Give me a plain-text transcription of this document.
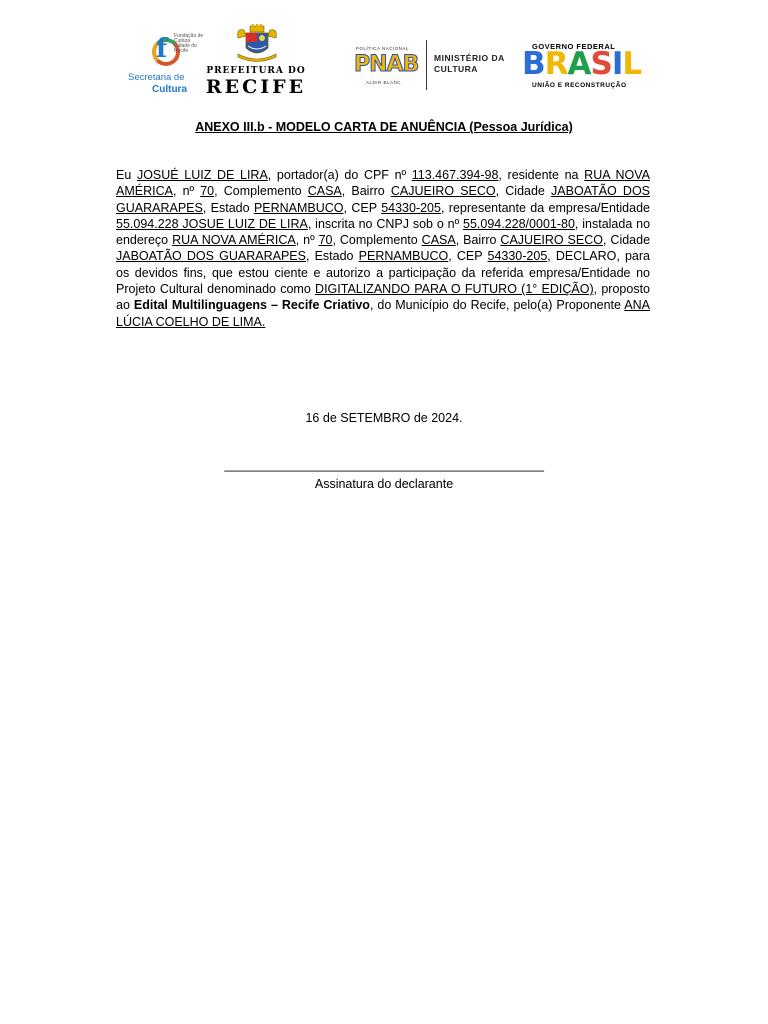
f Fundação de Cultura Cidade do Recife
Secretaria de
Cultura
PREFEITURA DO
RECIFE
POLÍTICA NACIONAL
PNAB
ALDIR BLANC
MINISTÉRIO DA
CULTURA
GOVERNO FEDERAL
BRASIL
UNIÃO E RECONSTRUÇÃO
ANEXO III.b - MODELO CARTA DE ANUÊNCIA (Pessoa Jurídica)
Eu JOSUÉ LUIZ DE LIRA, portador(a) do CPF nº 113.467.394-98, residente na RUA NOVA AMÉRICA, nº 70, Complemento CASA, Bairro CAJUEIRO SECO, Cidade JABOATÃO DOS GUARARAPES, Estado PERNAMBUCO, CEP 54330-205, representante da empresa/Entidade 55.094.228 JOSUE LUIZ DE LIRA, inscrita no CNPJ sob o nº 55.094.228/0001-80, instalada no endereço RUA NOVA AMÉRICA, nº 70, Complemento CASA, Bairro CAJUEIRO SECO, Cidade JABOATÃO DOS GUARARAPES, Estado PERNAMBUCO, CEP 54330-205, DECLARO, para os devidos fins, que estou ciente e autorizo a participação da referida empresa/Entidade no Projeto Cultural denominado como DIGITALIZANDO PARA O FUTURO (1° EDIÇÃO), proposto ao Edital Multilinguagens – Recife Criativo, do Município do Recife, pelo(a) Proponente ANA LÚCIA COELHO DE LIMA.
16 de SETEMBRO de 2024.
________________________________________________
Assinatura do declarante
